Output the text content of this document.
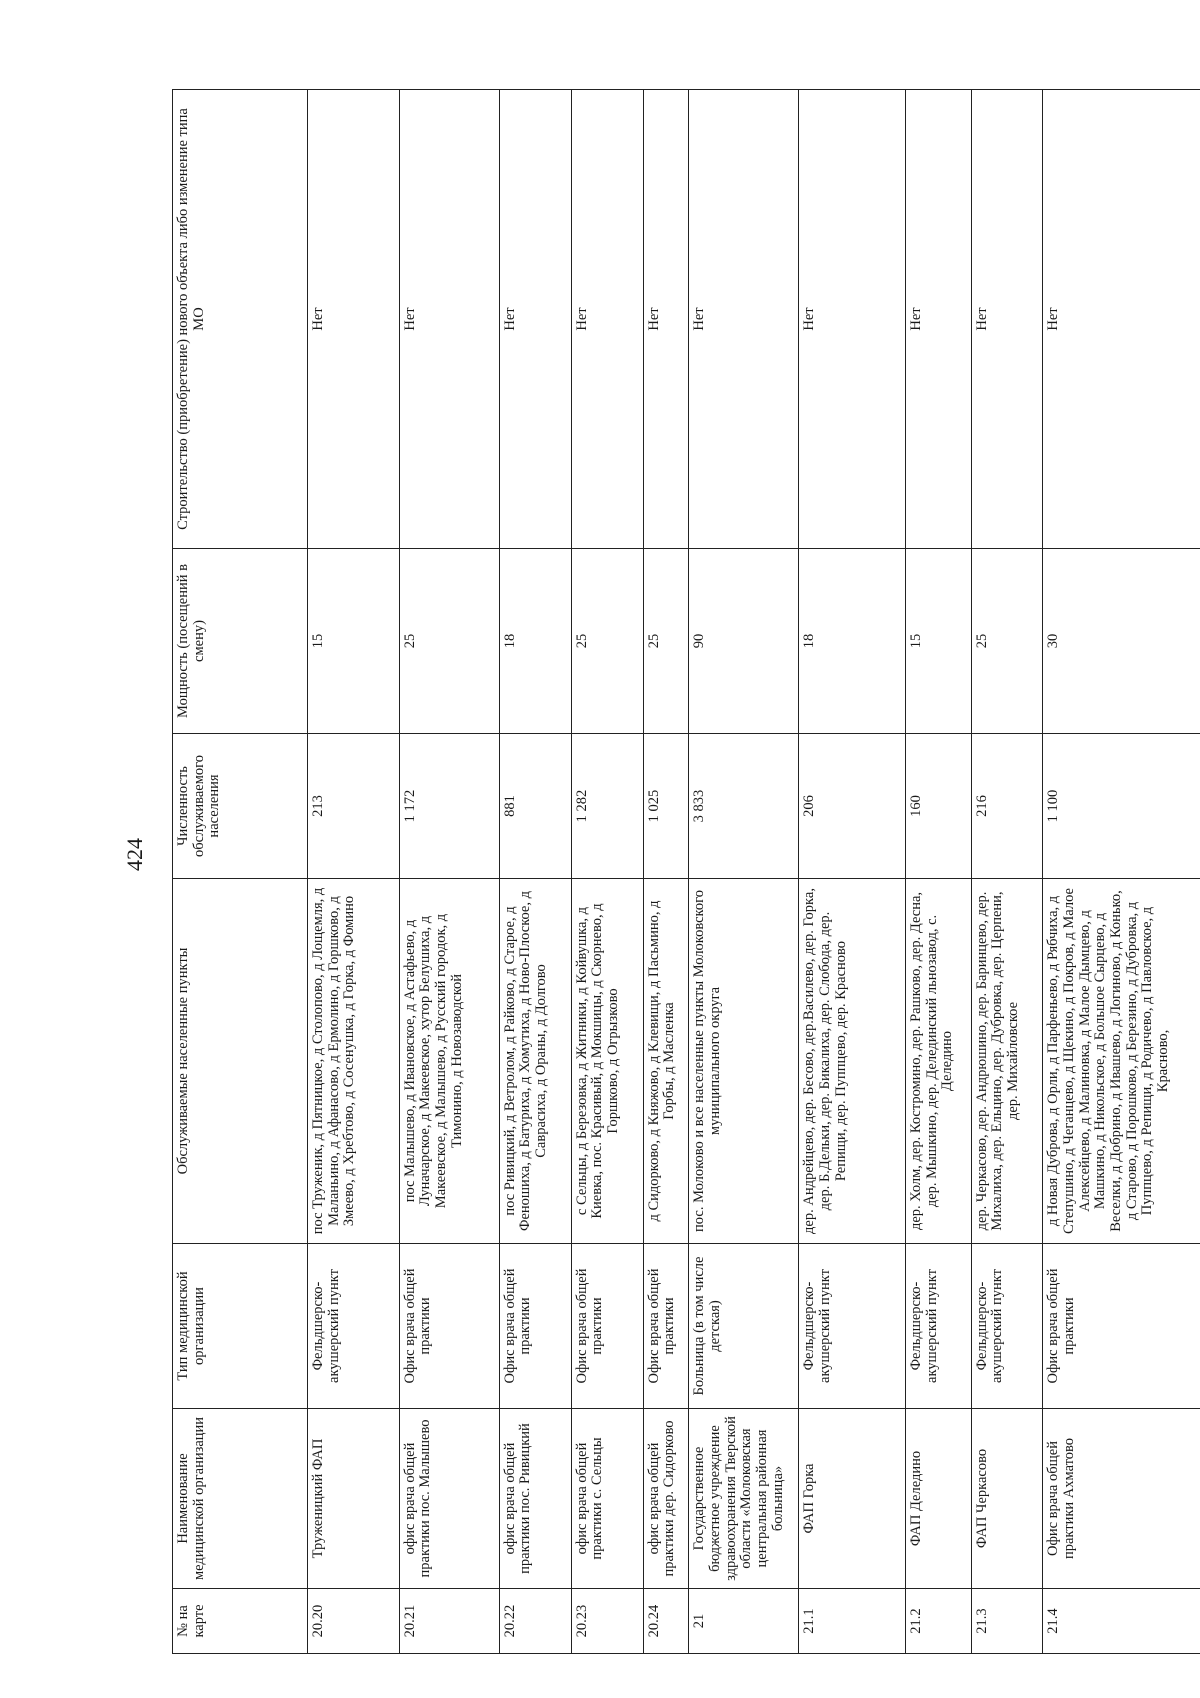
424
№ на карте	Наименование медицинской организации	Тип медицинской организации	Обслуживаемые населенные пункты	Численность обслуживаемого населения	Мощность (посещений в смену)	Строительство (приобретение) нового объекта либо изменение типа МО
20.20	Труженицкий ФАП	Фельдшерско-акушерский пункт	пос Труженик, д Пятницкое, д Столопово, д Лощемля, д Маланьино, д Афанасово, д Ермолино, д Горшково, д Змеево, д Хребтово, д Сосенушка, д Горка, д Фомино	213	15	Нет
20.21	офис врача общей практики пос. Малышево	Офис врача общей практики	пос Малышево, д Ивановское, д Астафьево, д Луначарское, д Макеевское, хутор Белушиха, д Макеевское, д Малышево, д Русский городок, д Тимонино, д Новозаводской	1 172	25	Нет
20.22	офис врача общей практики пос. Ривицкий	Офис врача общей практики	пос Ривицкий, д Ветролом, д Райково, д Старое, д Феношиха, д Батуриха, д Хомутиха, д Ново-Плоское, д Саврасиха, д Ораны, д Долгово	881	18	Нет
20.23	офис врача общей практики с. Сельцы	Офис врача общей практики	с Сельцы, д Березовка, д Житники, д Койвушка, д Киевка, пос. Красивый, д Мокшицы, д Скорнево, д Горшково, д Огрызково	1 282	25	Нет
20.24	офис врача общей практики дер. Сидорково	Офис врача общей практики	д Сидорково, д Княжово, д Клевищи, д Пасьмино, д Горбы, д Масленка	1 025	25	Нет
21	Государственное бюджетное учреждение здравоохранения Тверской области «Молоковская центральная районная больница»	Больница (в том числе детская)	пос. Молоково и все населенные пункты Молоковского муниципального округа	3 833	90	Нет
21.1	ФАП Горка	Фельдшерско-акушерский пункт	дер. Андрейцево, дер. Бесово, дер.Василево, дер. Горка, дер. Б.Дельки, дер. Бикалиха, дер. Слобода, дер. Репищи, дер. Пуппцево, дер. Красново	206	18	Нет
21.2	ФАП Деледино	Фельдшерско-акушерский пункт	дер. Холм, дер. Костромино, дер. Рашково, дер. Десна, дер. Мышкино, дер. Делединский льнозавод, с. Деледино	160	15	Нет
21.3	ФАП Черкасово	Фельдшерско-акушерский пункт	дер. Черкасово, дер. Андрюшино, дер. Баринцево, дер. Михалиха, дер. Ельцино, дер. Дубровка, дер. Церпени, дер. Михайловское	216	25	Нет
21.4	Офис врача общей практики Ахматово	Офис врача общей практики	д Новая Дуброва, д Орли, д Парфеньево, д Рябчиха, д Степушино, д Чеганцево, д Щекино, д Покров, д Малое Алексейцево, д Малиновка, д Малое Дымцево, д Машкино, д Никольское, д Большое Сырцево, д Веселки, д Добрино, д Ивашево, д Логиново, д Конько, д Старово, д Порошково, д Березино, д Дубровка, д Пуппцево, д Репищи, д Родичево, д Павловское, д Красново,	1 100	30	Нет
